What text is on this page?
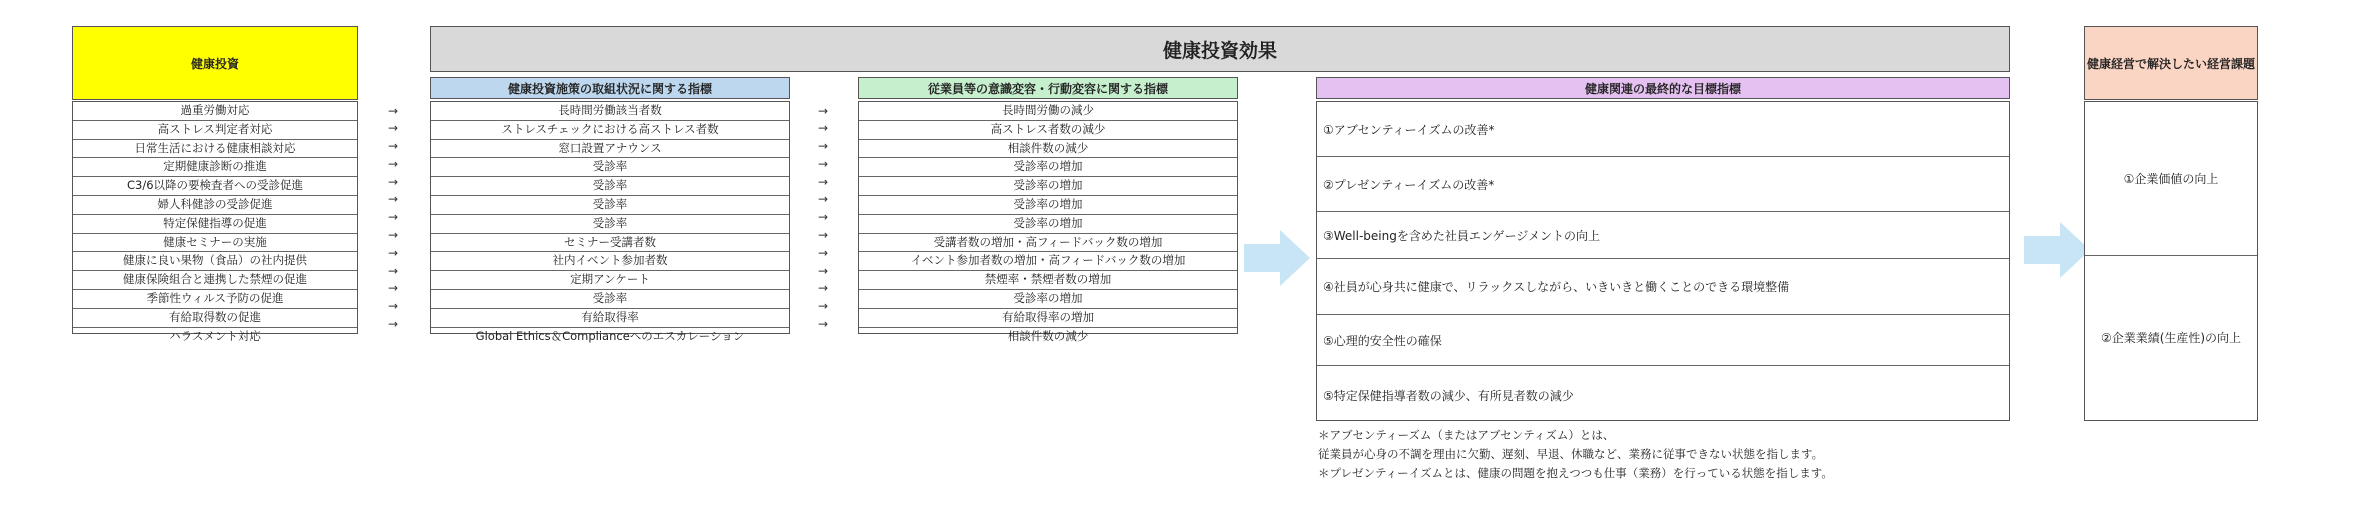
健康投資
過重労働対応
高ストレス判定者対応
日常生活における健康相談対応
定期健康診断の推進
C3/6以降の要検査者への受診促進
婦人科健診の受診促進
特定保健指導の促進
健康セミナーの実施
健康に良い果物（食品）の社内提供
健康保険組合と連携した禁煙の促進
季節性ウィルス予防の促進
有給取得数の促進
ハラスメント対応
→
→
→
→
→
→
→
→
→
→
→
→
→
健康投資効果
健康投資施策の取組状況に関する指標
長時間労働該当者数
ストレスチェックにおける高ストレス者数
窓口設置アナウンス
受診率
受診率
受診率
受診率
セミナー受講者数
社内イベント参加者数
定期アンケート
受診率
有給取得率
Global Ethics＆Complianceへのエスカレーション
→
→
→
→
→
→
→
→
→
→
→
→
→
従業員等の意識変容・行動変容に関する指標
長時間労働の減少
高ストレス者数の減少
相談件数の減少
受診率の増加
受診率の増加
受診率の増加
受診率の増加
受講者数の増加・高フィードバック数の増加
イベント参加者数の増加・高フィードバック数の増加
禁煙率・禁煙者数の増加
受診率の増加
有給取得率の増加
相談件数の減少
健康関連の最終的な目標指標
①アブセンティーイズムの改善*
②プレゼンティーイズムの改善*
③Well-beingを含めた社員エンゲージメントの向上
④社員が心身共に健康で、リラックスしながら、いきいきと働くことのできる環境整備
⑤心理的安全性の確保
⑤特定保健指導者数の減少、有所見者数の減少
＊アブセンティーズム（またはアブセンティズム）とは、
従業員が心身の不調を理由に欠勤、遅刻、早退、休職など、業務に従事できない状態を指します。
＊プレゼンティーイズムとは、健康の問題を抱えつつも仕事（業務）を行っている状態を指します。
健康経営で解決したい経営課題
①企業価値の向上
②企業業績(生産性)の向上
